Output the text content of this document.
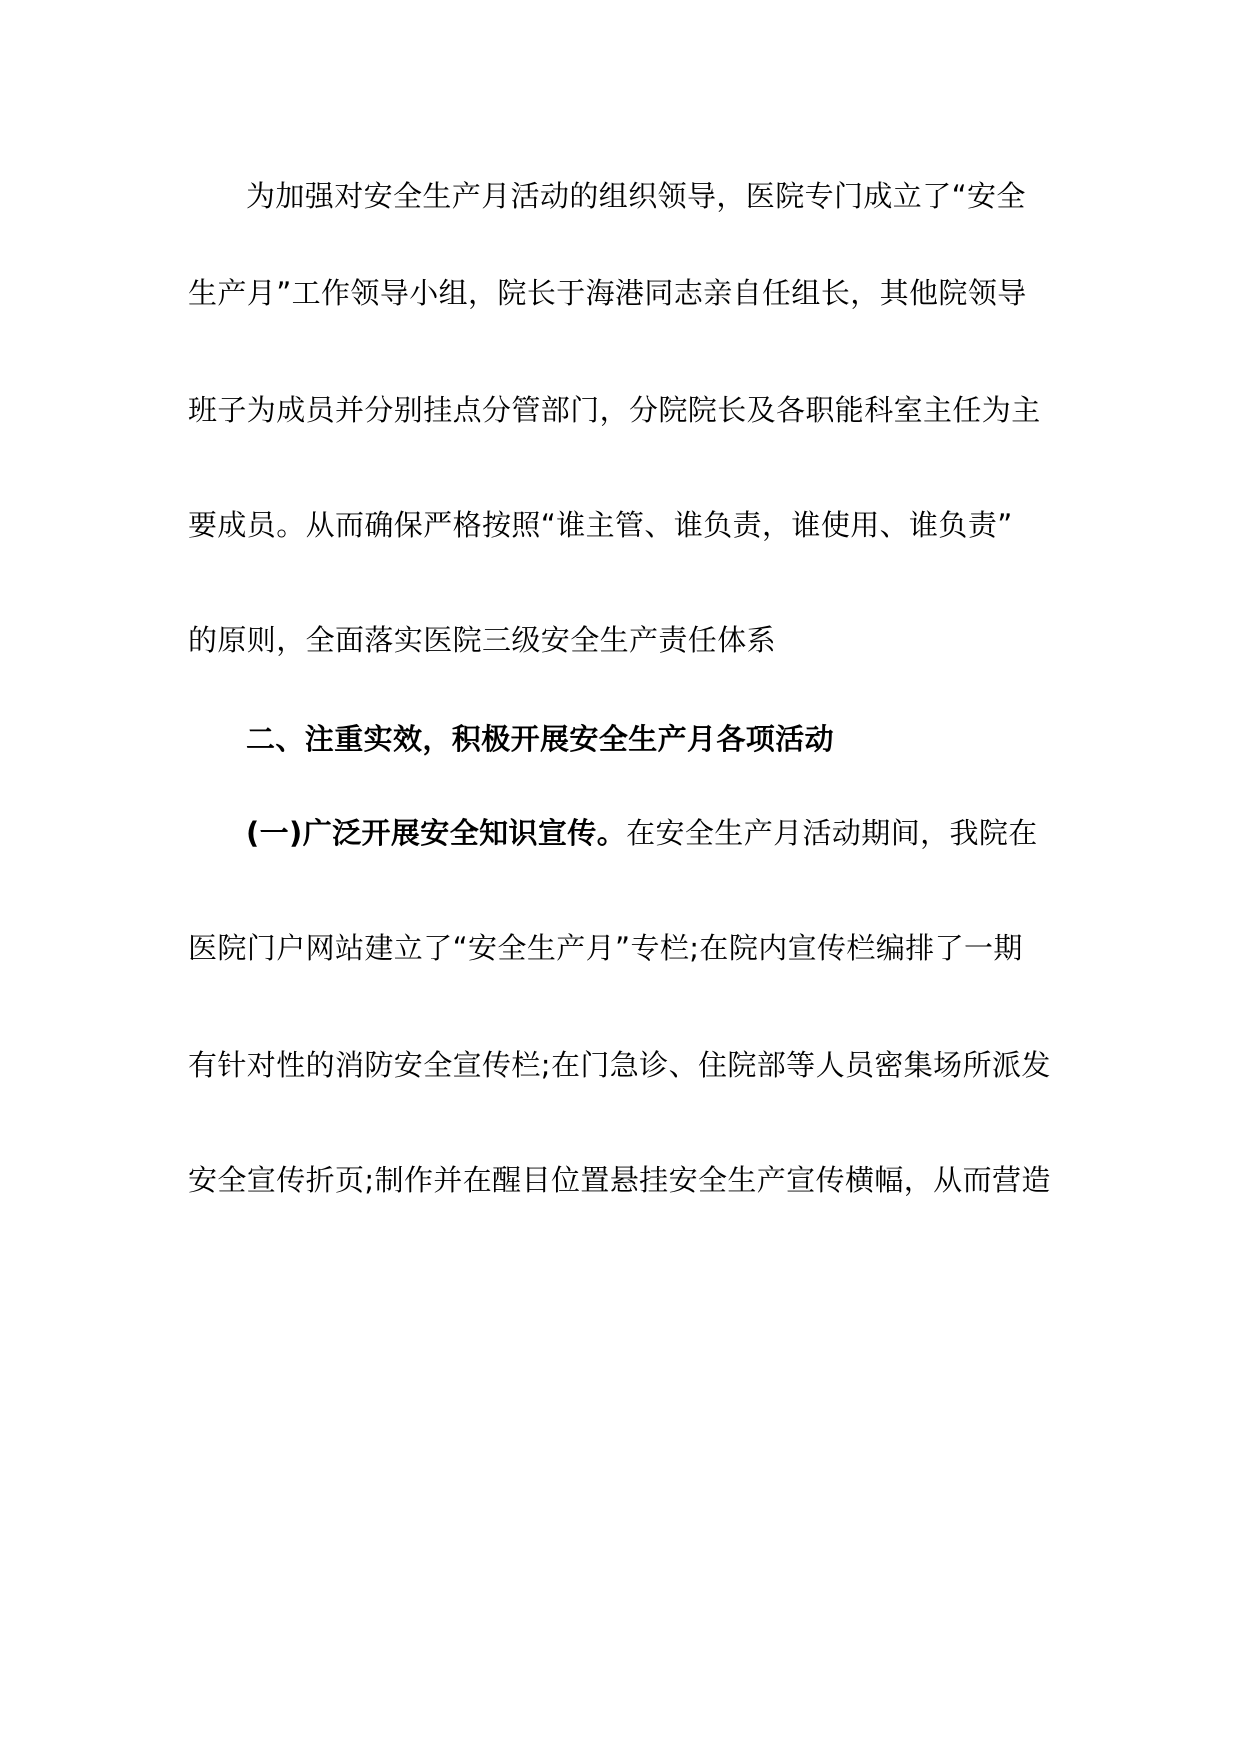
为加强对安全生产月活动的组织领导，医院专门成立了“安全
生产月”工作领导小组，院长于海港同志亲自任组长，其他院领导
班子为成员并分别挂点分管部门，分院院长及各职能科室主任为主
要成员。从而确保严格按照“谁主管、谁负责，谁使用、谁负责”
的原则，全面落实医院三级安全生产责任体系
二、注重实效，积极开展安全生产月各项活动
(一)广泛开展安全知识宣传。在安全生产月活动期间，我院在
医院门户网站建立了“安全生产月”专栏;在院内宣传栏编排了一期
有针对性的消防安全宣传栏;在门急诊、住院部等人员密集场所派发
安全宣传折页;制作并在醒目位置悬挂安全生产宣传横幅，从而营造
